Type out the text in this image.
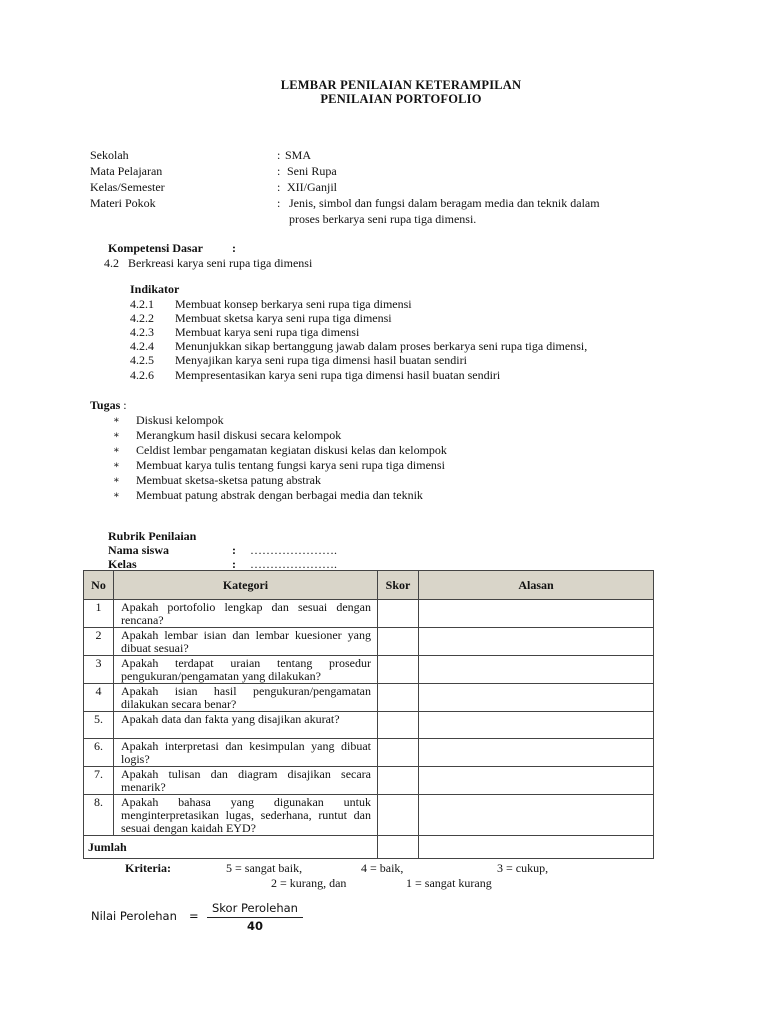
LEMBAR PENILAIAN KETERAMPILAN
PENILAIAN PORTOFOLIO
Sekolah	: SMA
Mata Pelajaran	: Seni Rupa
Kelas/Semester	: XII/Ganjil
Materi Pokok	: Jenis, simbol dan fungsi dalam beragam media dan teknik dalam
proses berkarya seni rupa tiga dimensi.
Kompetensi Dasar :
4.2 Berkreasi karya seni rupa tiga dimensi
Indikator
4.2.1 Membuat konsep berkarya seni rupa tiga dimensi
4.2.2 Membuat sketsa karya seni rupa tiga dimensi
4.2.3 Membuat karya seni rupa tiga dimensi
4.2.4 Menunjukkan sikap bertanggung jawab dalam proses berkarya seni rupa tiga dimensi,
4.2.5 Menyajikan karya seni rupa tiga dimensi hasil buatan sendiri
4.2.6 Mempresentasikan karya seni rupa tiga dimensi hasil buatan sendiri
Tugas :
∗ Diskusi kelompok
∗ Merangkum hasil diskusi secara kelompok
∗ Celdist lembar pengamatan kegiatan diskusi kelas dan kelompok
∗ Membuat karya tulis tentang fungsi karya seni rupa tiga dimensi
∗ Membuat sketsa-sketsa patung abstrak
∗ Membuat patung abstrak dengan berbagai media dan teknik
Rubrik Penilaian
Nama siswa	: ………………….
Kelas	: ………………….
No	Kategori	Skor	Alasan

1	Apakah portofolio lengkap dan sesuai dengan rencana?		

2	Apakah lembar isian dan lembar kuesioner yang dibuat sesuai?		

3	Apakah terdapat uraian tentang prosedur pengukuran/pengamatan yang dilakukan?		

4	Apakah isian hasil pengukuran/pengamatan dilakukan secara benar?		

5.	Apakah data dan fakta yang disajikan akurat?		

6.	Apakah interpretasi dan kesimpulan yang dibuat logis?		

7.	Apakah tulisan dan diagram disajikan secara menarik?		

8.	Apakah bahasa yang digunakan untuk menginterpretasikan lugas, sederhana, runtut dan sesuai dengan kaidah EYD?		

Jumlah			
Kriteria:	5 = sangat baik,	4 = baik,	3 = cukup,
2 = kurang, dan	1 = sangat kurang
Nilai Perolehan =
Skor Perolehan
40
